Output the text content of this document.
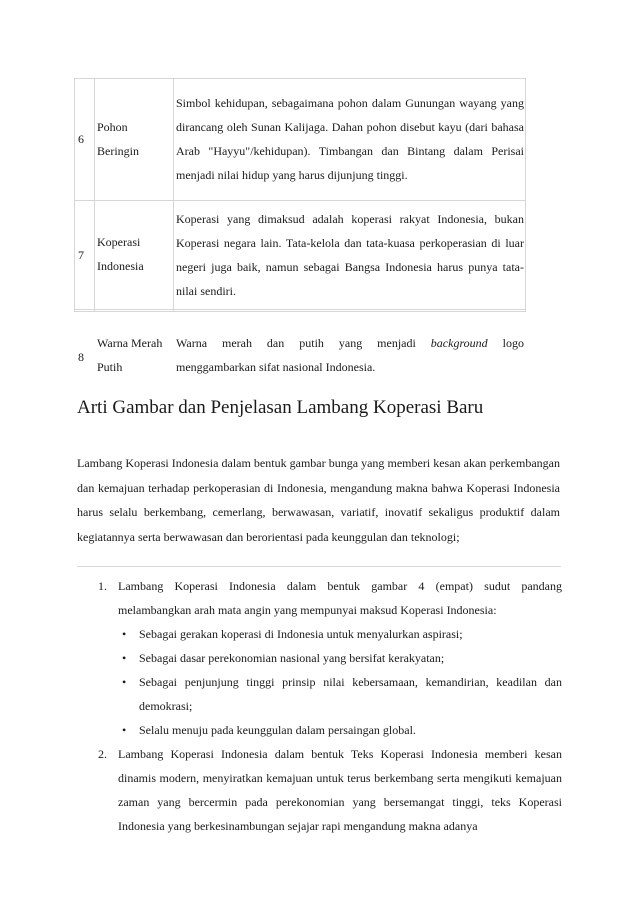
6
Pohon
Beringin

Simbol kehidupan, sebagaimana pohon dalam Gunungan wayang yang dirancang oleh Sunan Kalijaga. Dahan pohon disebut kayu (dari bahasa Arab "Hayyu"/kehidupan). Timbangan dan Bintang dalam Perisai menjadi nilai hidup yang harus dijunjung tinggi.

7
Koperasi
Indonesia

Koperasi yang dimaksud adalah koperasi rakyat Indonesia, bukan Koperasi negara lain. Tata-kelola dan tata-kuasa perkoperasian di luar negeri juga baik, namun sebagai Bangsa Indonesia harus punya tata-nilai sendiri.

8
Warna Merah
Putih

Warna merah dan putih yang menjadi background logo

menggambarkan sifat nasional Indonesia.

Arti Gambar dan Penjelasan Lambang Koperasi Baru

Lambang Koperasi Indonesia dalam bentuk gambar bunga yang memberi kesan akan perkembangan dan kemajuan terhadap perkoperasian di Indonesia, mengandung makna bahwa Koperasi Indonesia harus selalu berkembang, cemerlang, berwawasan, variatif, inovatif sekaligus produktif dalam kegiatannya serta berwawasan dan berorientasi pada keunggulan dan teknologi;

1. Lambang Koperasi Indonesia dalam bentuk gambar 4 (empat) sudut pandang melambangkan arah mata angin yang mempunyai maksud Koperasi Indonesia:
• Sebagai gerakan koperasi di Indonesia untuk menyalurkan aspirasi;
• Sebagai dasar perekonomian nasional yang bersifat kerakyatan;
• Sebagai penjunjung tinggi prinsip nilai kebersamaan, kemandirian, keadilan dan demokrasi;
• Selalu menuju pada keunggulan dalam persaingan global.
2. Lambang Koperasi Indonesia dalam bentuk Teks Koperasi Indonesia memberi kesan dinamis modern, menyiratkan kemajuan untuk terus berkembang serta mengikuti kemajuan zaman yang bercermin pada perekonomian yang bersemangat tinggi, teks Koperasi Indonesia yang berkesinambungan sejajar rapi mengandung makna adanya
